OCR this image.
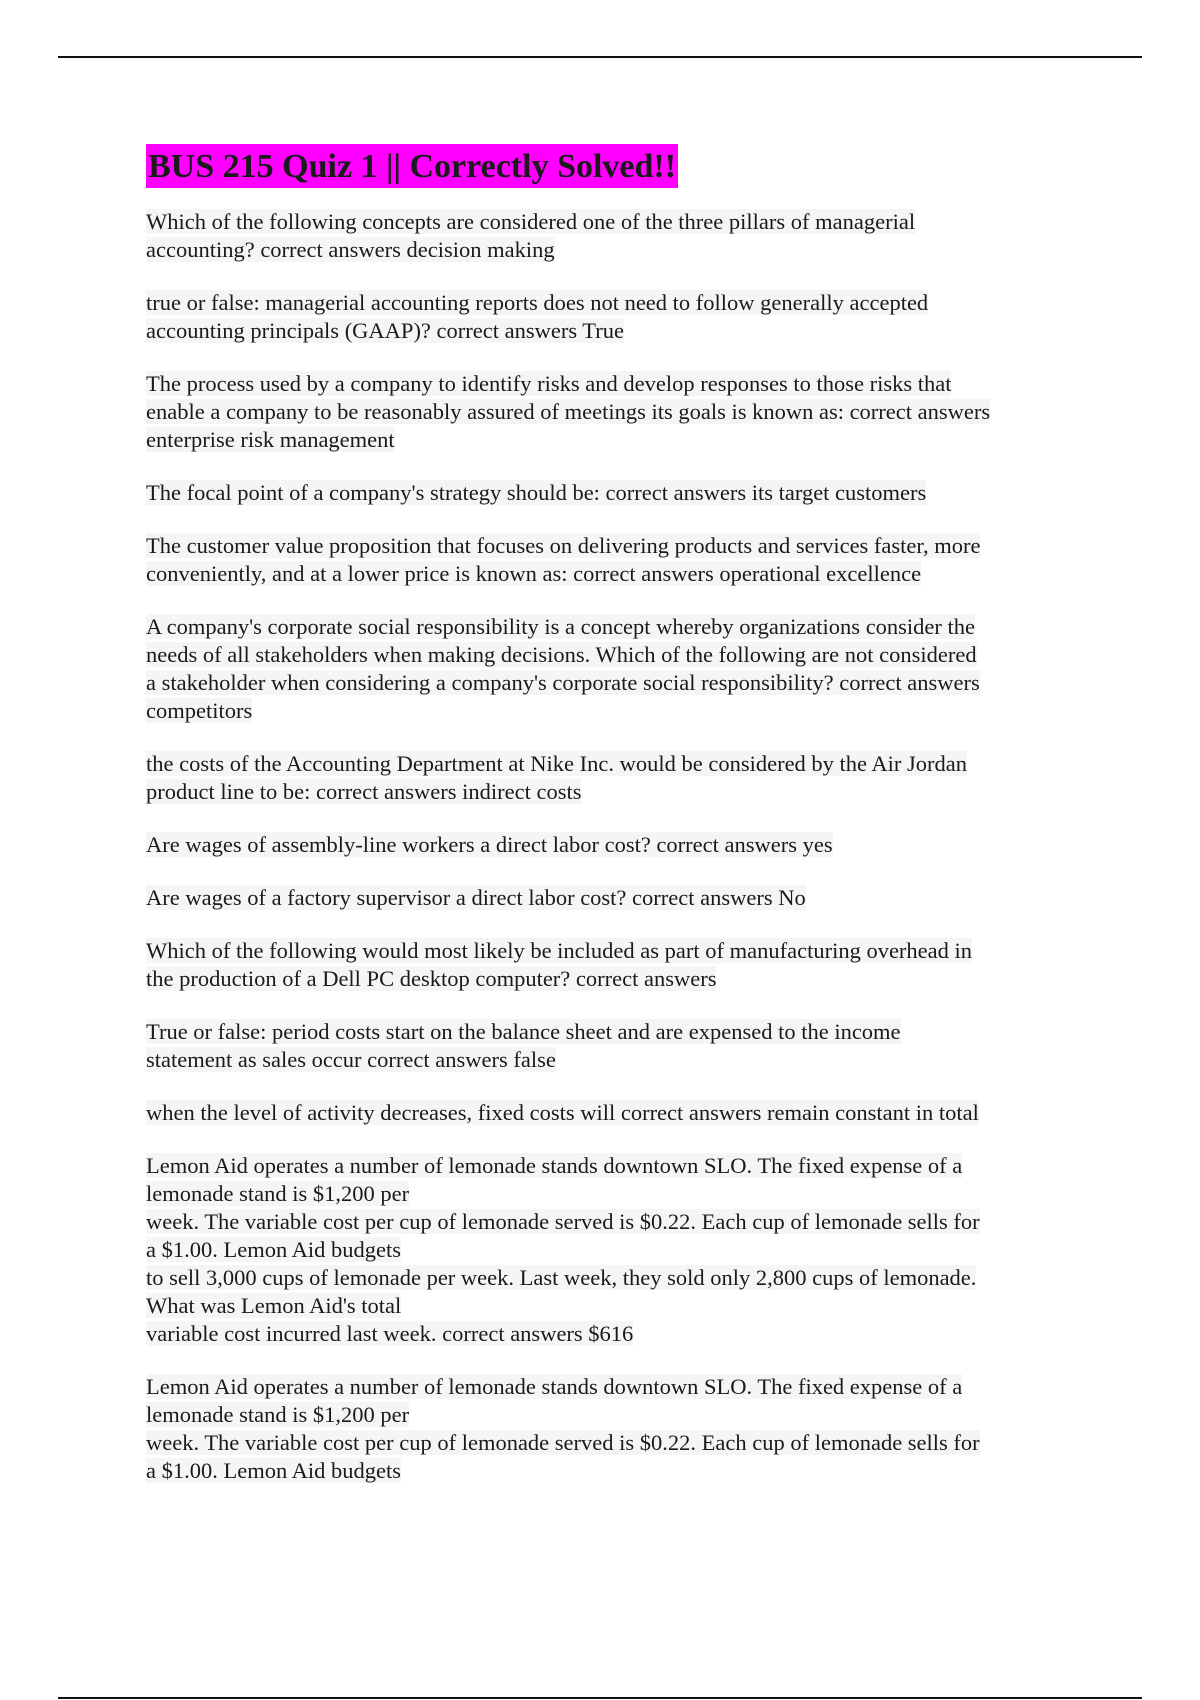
BUS 215 Quiz 1 || Correctly Solved!!
Which of the following concepts are considered one of the three pillars of managerial
accounting? correct answers decision making
true or false: managerial accounting reports does not need to follow generally accepted
accounting principals (GAAP)? correct answers True
The process used by a company to identify risks and develop responses to those risks that
enable a company to be reasonably assured of meetings its goals is known as: correct answers
enterprise risk management
The focal point of a company's strategy should be: correct answers its target customers
The customer value proposition that focuses on delivering products and services faster, more
conveniently, and at a lower price is known as: correct answers operational excellence
A company's corporate social responsibility is a concept whereby organizations consider the
needs of all stakeholders when making decisions. Which of the following are not considered
a stakeholder when considering a company's corporate social responsibility? correct answers
competitors
the costs of the Accounting Department at Nike Inc. would be considered by the Air Jordan
product line to be: correct answers indirect costs
Are wages of assembly-line workers a direct labor cost? correct answers yes
Are wages of a factory supervisor a direct labor cost? correct answers No
Which of the following would most likely be included as part of manufacturing overhead in
the production of a Dell PC desktop computer? correct answers
True or false: period costs start on the balance sheet and are expensed to the income
statement as sales occur correct answers false
when the level of activity decreases, fixed costs will correct answers remain constant in total
Lemon Aid operates a number of lemonade stands downtown SLO. The fixed expense of a
lemonade stand is $1,200 per
week. The variable cost per cup of lemonade served is $0.22. Each cup of lemonade sells for
a $1.00. Lemon Aid budgets
to sell 3,000 cups of lemonade per week. Last week, they sold only 2,800 cups of lemonade.
What was Lemon Aid's total
variable cost incurred last week. correct answers $616
Lemon Aid operates a number of lemonade stands downtown SLO. The fixed expense of a
lemonade stand is $1,200 per
week. The variable cost per cup of lemonade served is $0.22. Each cup of lemonade sells for
a $1.00. Lemon Aid budgets
